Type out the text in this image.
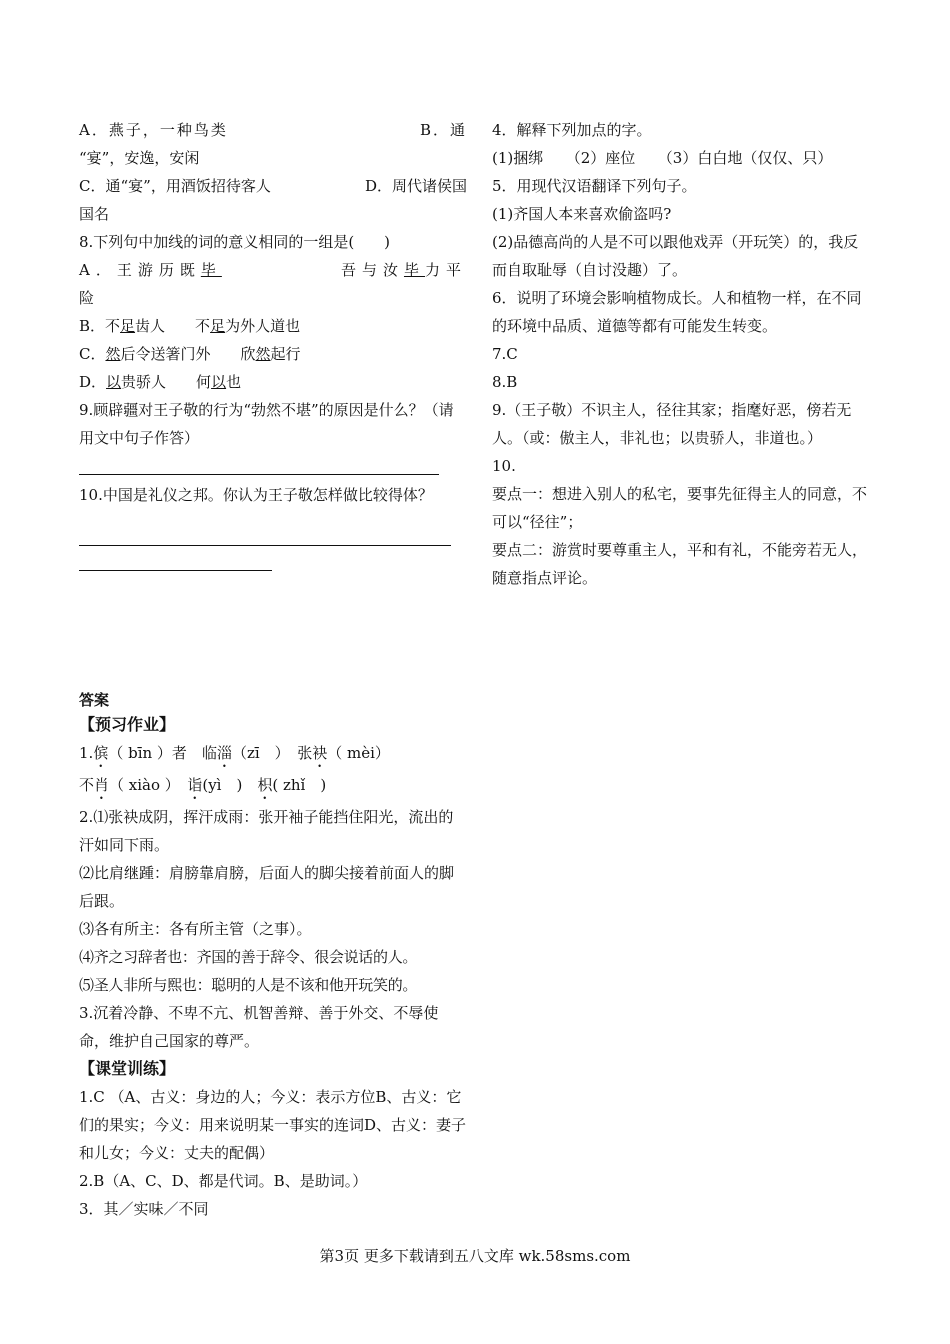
A．燕子，一种鸟类	B．通
“宴”，安逸，安闲
C．通“宴”，用酒饭招待客人	D．周代诸侯国
国名
8.下列句中加线的词的意义相同的一组是(　　)
A．王游历既毕	吾与汝毕力平
险
B．不足齿人　　不足为外人道也
C．然后令送箸门外　　欣然起行
D．以贵骄人　　何以也
9.顾辟疆对王子敬的行为“勃然不堪”的原因是什么？（请用文中句子作答）
10.中国是礼仪之邦。你认为王子敬怎样做比较得体？
答案
【预习作业】
1.傧（ bīn ）者　 临淄（zī　）　 张袂（ mèi）
不肖（ xiào ）　 诣(yì　)　 枳( zhǐ　)
2.⑴张袂成阴，挥汗成雨：张开袖子能挡住阳光，流出的汗如同下雨。
⑵比肩继踵：肩膀靠肩膀，后面人的脚尖接着前面人的脚后跟。
⑶各有所主：各有所主管（之事）。
⑷齐之习辞者也：齐国的善于辞令、很会说话的人。
⑸圣人非所与熙也：聪明的人是不该和他开玩笑的。
3.沉着冷静、不卑不亢、机智善辩、善于外交、不辱使命，维护自己国家的尊严。
【课堂训练】
1.C （A、古义：身边的人；今义：表示方位B、古义：它们的果实；今义：用来说明某一事实的连词D、古义：妻子和儿女；今义：丈夫的配偶）
2.B（A、C、D、都是代词。B、是助词。）
3．其／实味／不同
4．解释下列加点的字。
(1)捆绑　　（2）座位　　（3）白白地（仅仅、只）
5．用现代汉语翻译下列句子。
(1)齐国人本来喜欢偷盗吗?
(2)品德高尚的人是不可以跟他戏弄（开玩笑）的，我反而自取耻辱（自讨没趣）了。
6．说明了环境会影响植物成长。人和植物一样，在不同的环境中品质、道德等都有可能发生转变。
7.C
8.B
9.（王子敬）不识主人，径往其家；指麾好恶，傍若无人。（或：傲主人，非礼也；以贵骄人，非道也。）
10.
要点一：想进入别人的私宅，要事先征得主人的同意，不可以“径往”；
要点二：游赏时要尊重主人，平和有礼，不能旁若无人，随意指点评论。
第3页 更多下载请到五八文库 wk.58sms.com
